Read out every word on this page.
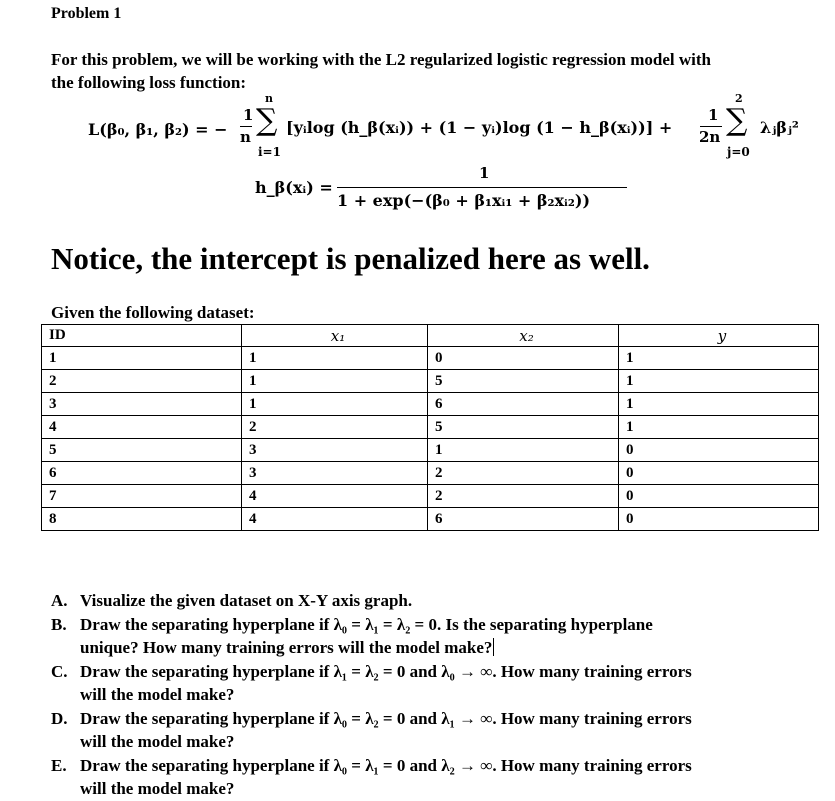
Problem 1
For this problem, we will be working with the L2 regularized logistic regression model with
the following loss function:
L(β₀, β₁, β₂) = −
1
n
n
∑
i=1
[yᵢlog (h_β(xᵢ)) + (1 − yᵢ)log (1 − h_β(xᵢ))] +
1
2n
2
∑
j=0
λⱼβⱼ²
h_β(xᵢ) =
1
1 + exp(−(β₀ + β₁xᵢ₁ + β₂xᵢ₂))
Notice, the intercept is penalized here as well.
Given the following dataset:
ID	x₁	x₂	y
1	1	0	1
2	1	5	1
3	1	6	1
4	2	5	1
5	3	1	0
6	3	2	0
7	4	2	0
8	4	6	0
A. Visualize the given dataset on X-Y axis graph.
B. Draw the separating hyperplane if λ₀ = λ₁ = λ₂ = 0. Is the separating hyperplane
unique? How many training errors will the model make?
C. Draw the separating hyperplane if λ₁ = λ₂ = 0 and λ₀ → ∞. How many training errors
will the model make?
D. Draw the separating hyperplane if λ₀ = λ₂ = 0 and λ₁ → ∞. How many training errors
will the model make?
E. Draw the separating hyperplane if λ₀ = λ₁ = 0 and λ₂ → ∞. How many training errors
will the model make?
